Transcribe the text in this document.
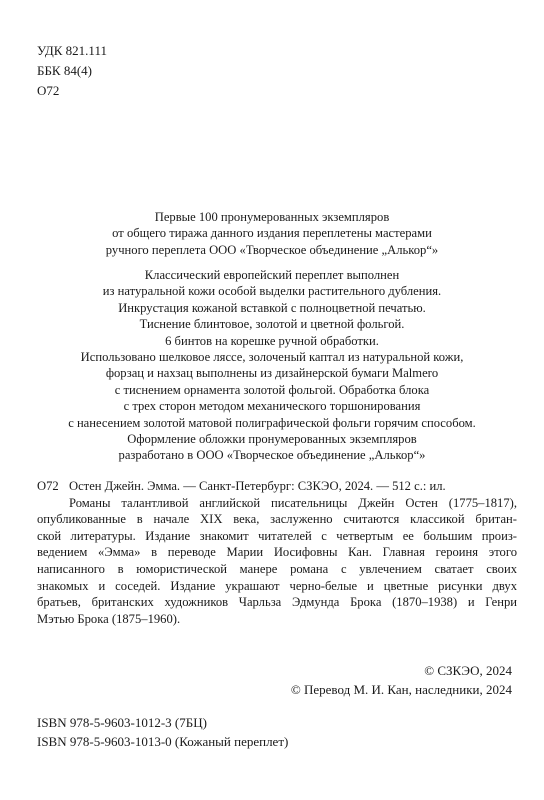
УДК 821.111
ББК 84(4)
О72
Первые 100 пронумерованных экземпляров
от общего тиража данного издания переплетены мастерами
ручного переплета ООО «Творческое объединение „Алькор“»
Классический европейский переплет выполнен
из натуральной кожи особой выделки растительного дубления.
Инкрустация кожаной вставкой с полноцветной печатью.
Тиснение блинтовое, золотой и цветной фольгой.
6 бинтов на корешке ручной обработки.
Использовано шелковое ляссе, золоченый каптал из натуральной кожи,
форзац и нахзац выполнены из дизайнерской бумаги Malmero
с тиснением орнамента золотой фольгой. Обработка блока
с трех сторон методом механического торшонирования
с нанесением золотой матовой полиграфической фольги горячим способом.
Оформление обложки пронумерованных экземпляров
разработано в ООО «Творческое объединение „Алькор“»
О72 Остен Джейн. Эмма. — Санкт-Петербург: СЗКЭО, 2024. — 512 с.: ил.
Романы талантливой английской писательницы Джейн Остен (1775–1817),
опубликованные в начале XIX века, заслуженно считаются классикой британ-
ской литературы. Издание знакомит читателей с четвертым ее большим произ-
ведением «Эмма» в переводе Марии Иосифовны Кан. Главная героиня этого
написанного в юмористической манере романа с увлечением сватает своих
знакомых и соседей. Издание украшают черно-белые и цветные рисунки двух
братьев, британских художников Чарльза Эдмунда Брока (1870–1938) и Генри
Мэтью Брока (1875–1960).
© СЗКЭО, 2024
© Перевод М. И. Кан, наследники, 2024
ISBN 978-5-9603-1012-3 (7БЦ)
ISBN 978-5-9603-1013-0 (Кожаный переплет)
